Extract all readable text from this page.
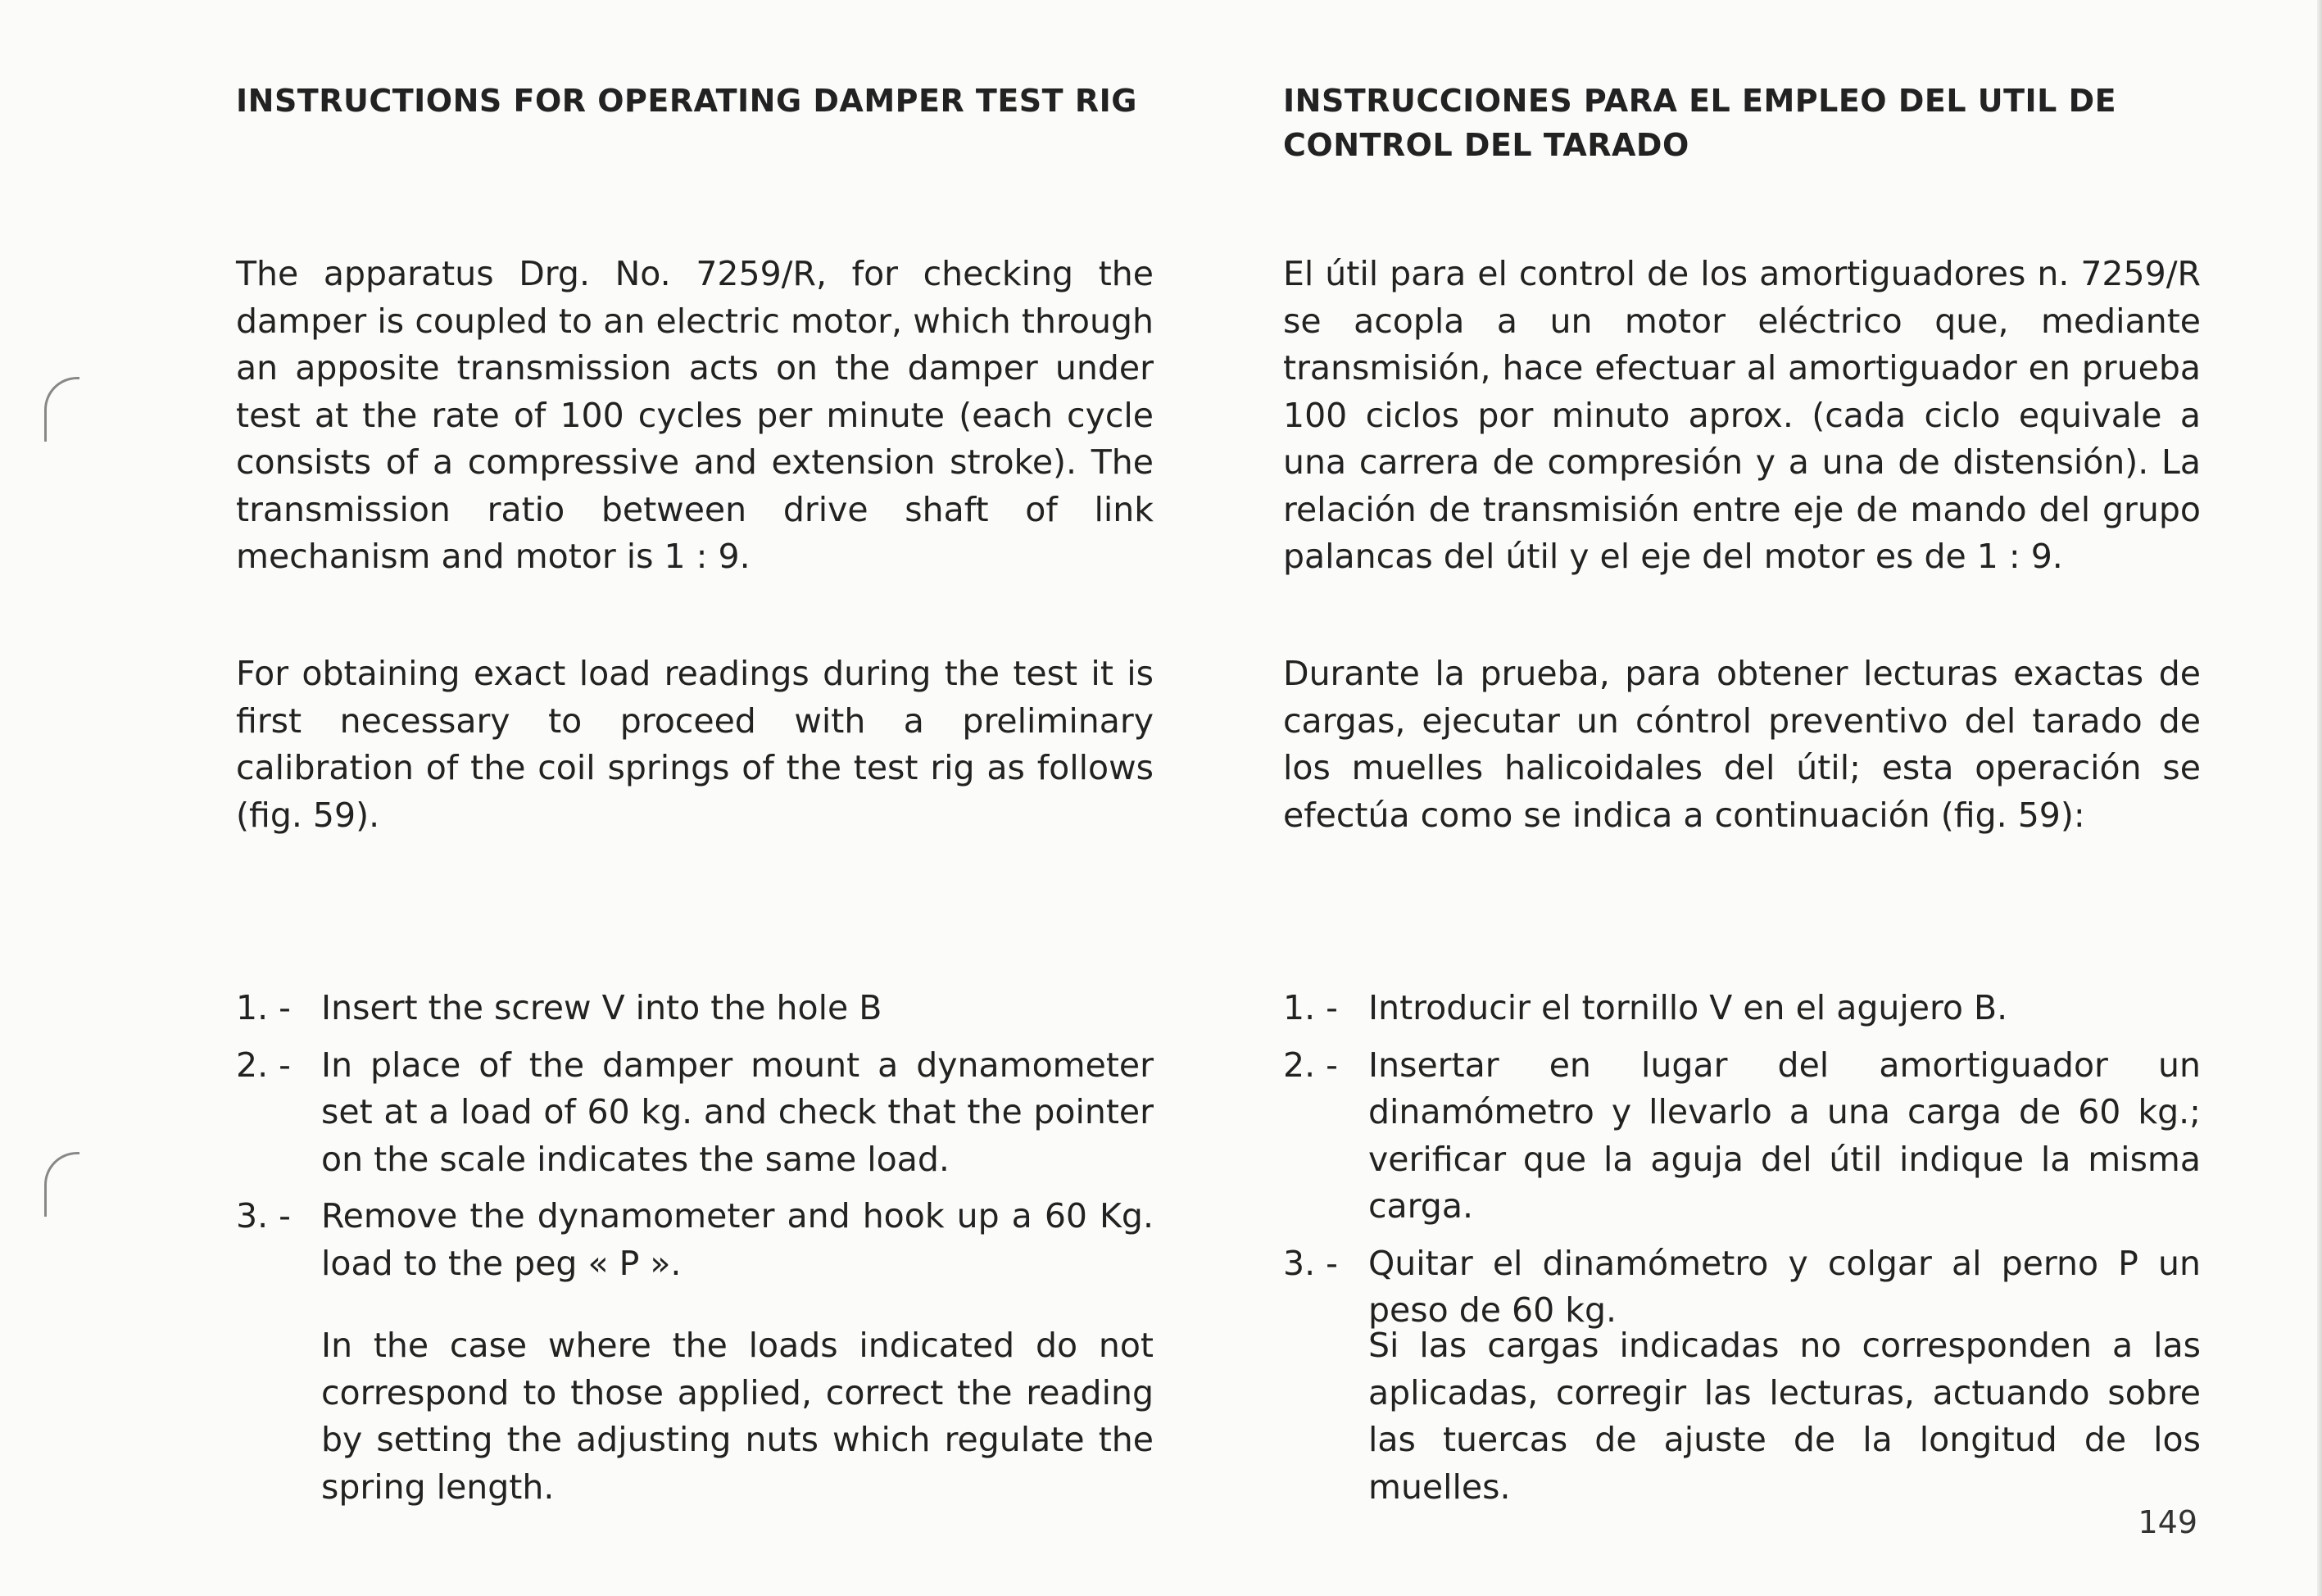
INSTRUCTIONS FOR OPERATING DAMPER TEST RIG

The apparatus Drg. No. 7259/R, for checking the damper is coupled to an electric motor, which through an apposite transmission acts on the damper under test at the rate of 100 cycles per minute (each cycle consists of a compressive and extension stroke). The transmission ratio between drive shaft of link mechanism and motor is 1 : 9.

For obtaining exact load readings during the test it is first necessary to proceed with a preliminary calibration of the coil springs of the test rig as follows (fig. 59).

1. - Insert the screw V into the hole B
2. - In place of the damper mount a dynamometer set at a load of 60 kg. and check that the pointer on the scale indicates the same load.
3. - Remove the dynamometer and hook up a 60 Kg. load to the peg « P ».

In the case where the loads indicated do not correspond to those applied, correct the reading by setting the adjusting nuts which regulate the spring length.

INSTRUCCIONES PARA EL EMPLEO DEL UTIL DE CONTROL DEL TARADO

El útil para el control de los amortiguadores n. 7259/R se acopla a un motor eléctrico que, mediante transmisión, hace efectuar al amortiguador en prueba 100 ciclos por minuto aprox. (cada ciclo equivale a una carrera de compresión y a una de distensión). La relación de transmisión entre eje de mando del grupo palancas del útil y el eje del motor es de 1 : 9.

Durante la prueba, para obtener lecturas exactas de cargas, ejecutar un cóntrol preventivo del tarado de los muelles halicoidales del útil; esta operación se efectúa como se indica a continuación (fig. 59):

1. - Introducir el tornillo V en el agujero B.
2. - Insertar en lugar del amortiguador un dinamómetro y llevarlo a una carga de 60 kg.; verificar que la aguja del útil indique la misma carga.
3. - Quitar el dinamómetro y colgar al perno P un peso de 60 kg.

Si las cargas indicadas no corresponden a las aplicadas, corregir las lecturas, actuando sobre las tuercas de ajuste de la longitud de los muelles.

149
